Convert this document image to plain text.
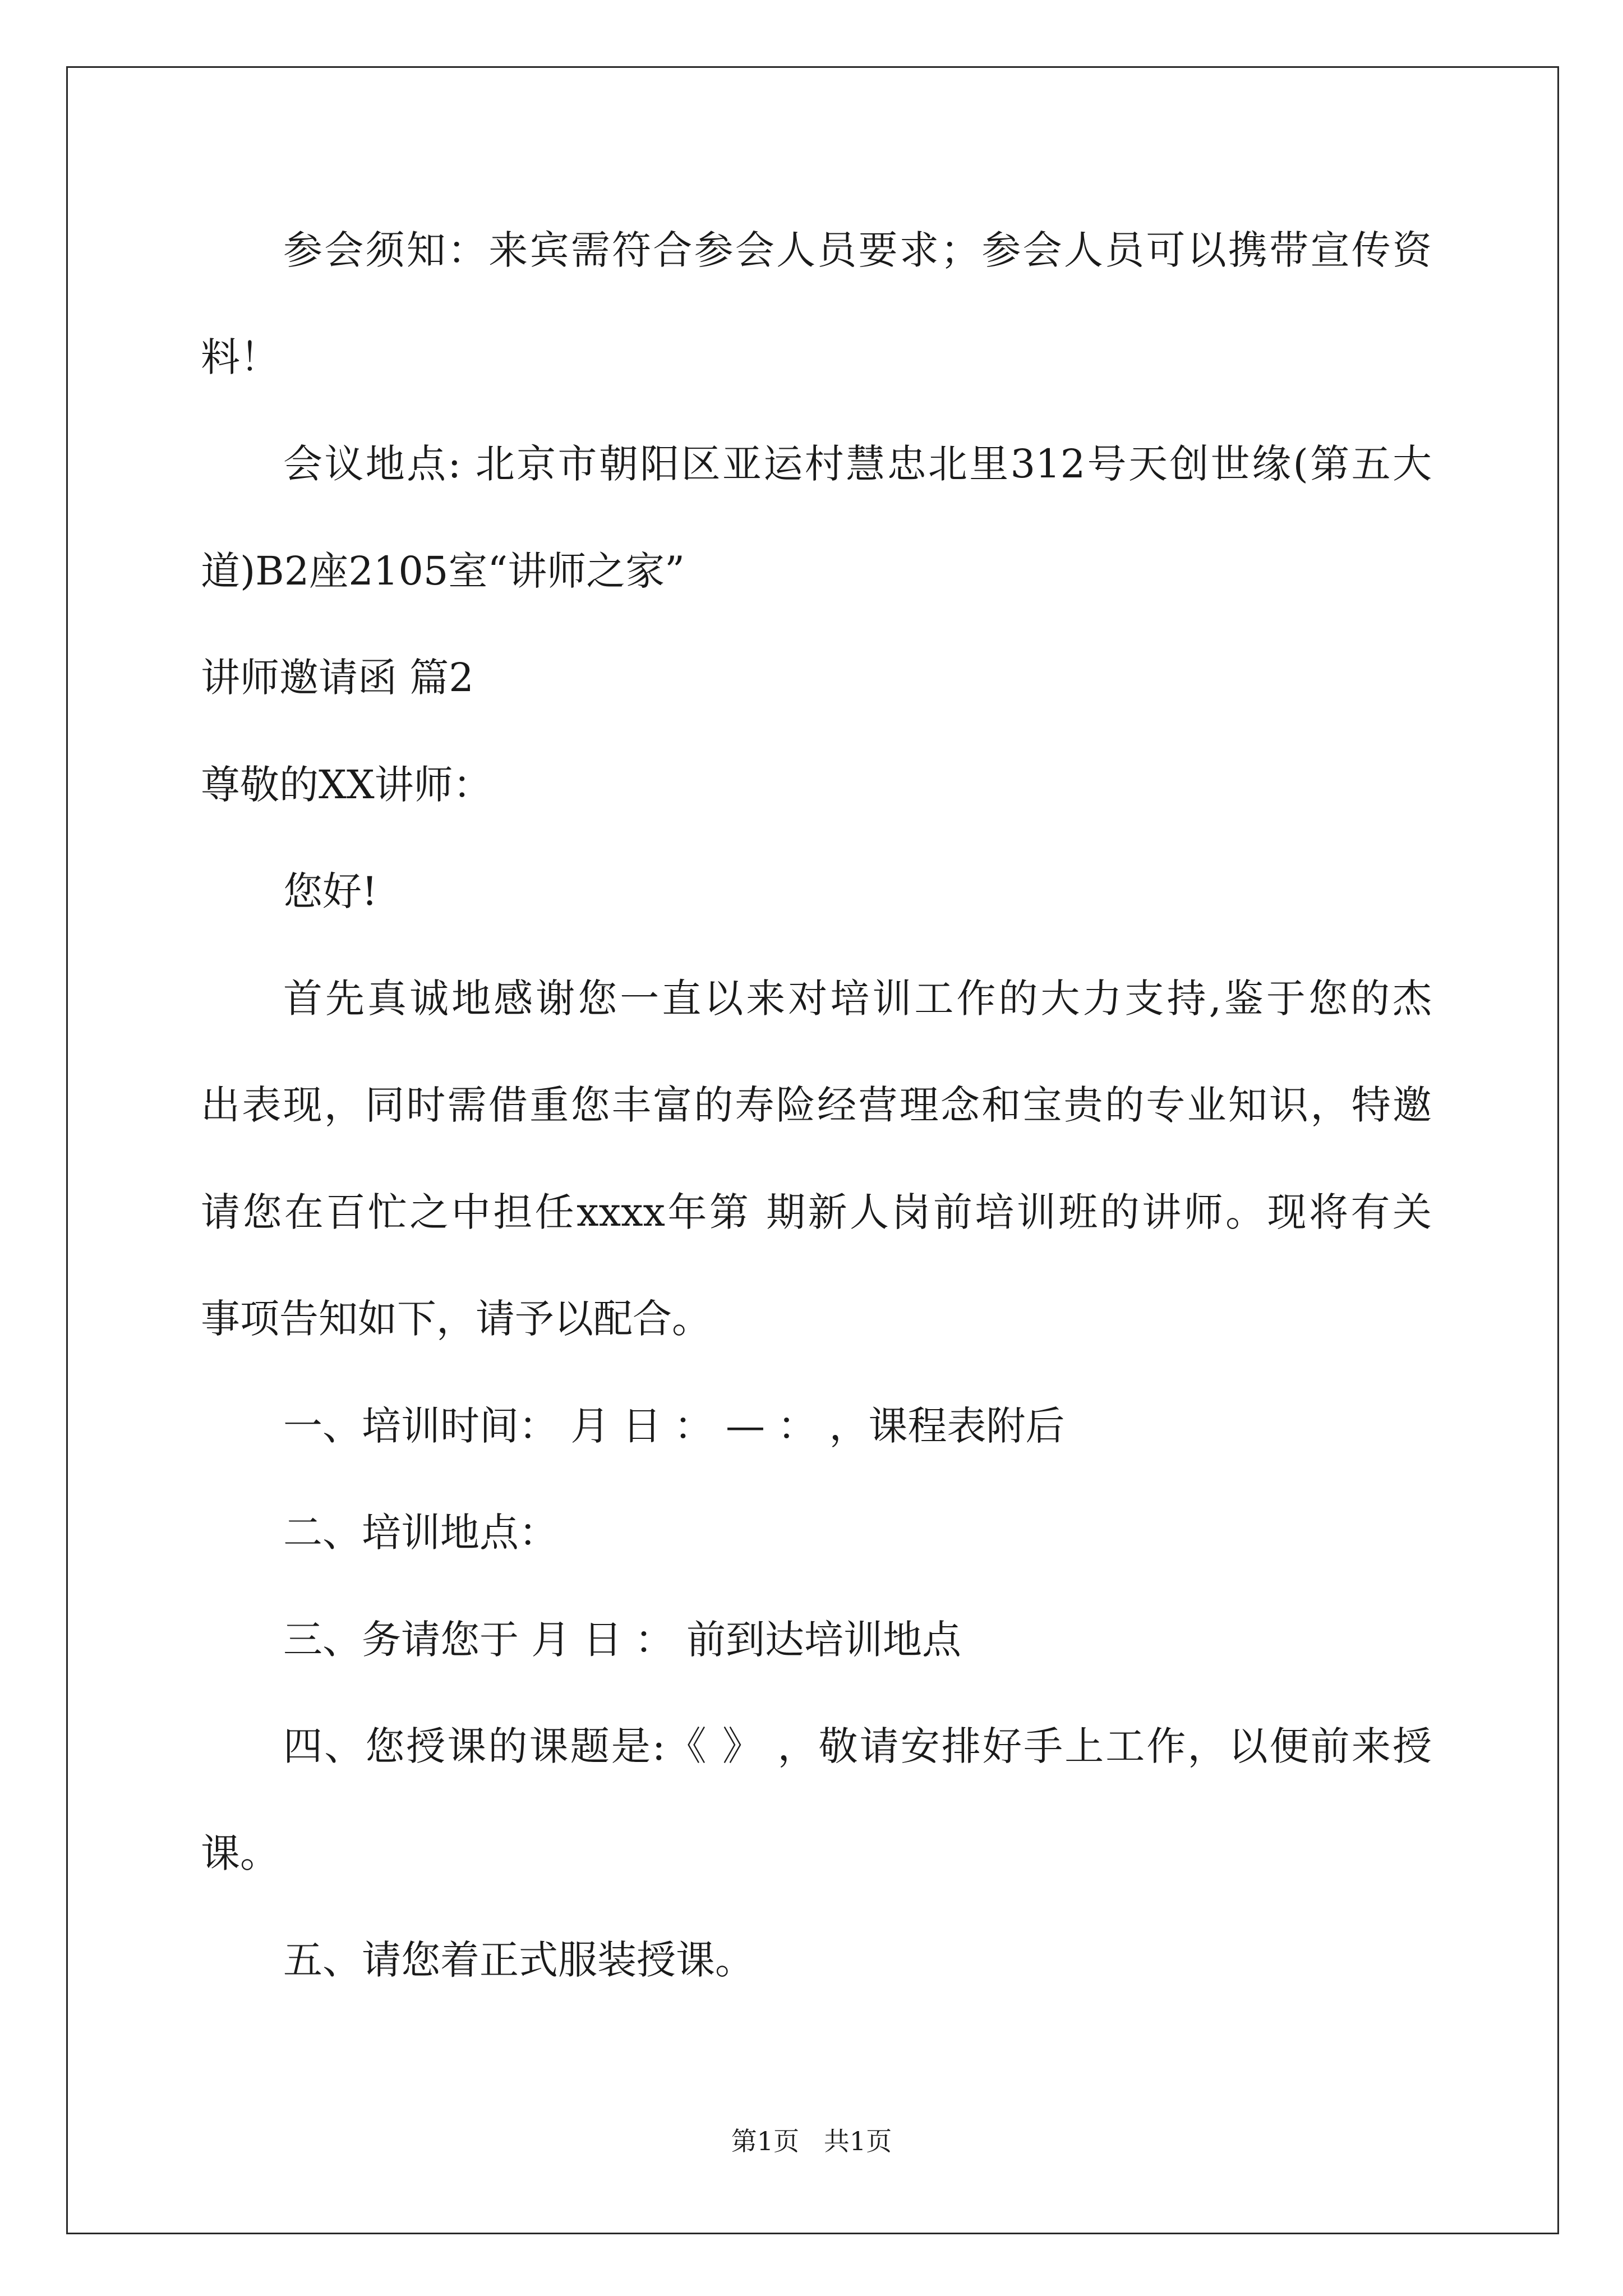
参会须知：来宾需符合参会人员要求；参会人员可以携带宣传资
料！
会议地点: 北京市朝阳区亚运村慧忠北里312号天创世缘(第五大
道)B2座2105室“讲师之家”
讲师邀请函 篇2
尊敬的XX讲师：
您好!
首先真诚地感谢您一直以来对培训工作的大力支持,鉴于您的杰
出表现，同时需借重您丰富的寿险经营理念和宝贵的专业知识，特邀
请您在百忙之中担任xxxx年第 期新人岗前培训班的讲师。现将有关
事项告知如下，请予以配合。
一、培训时间： 月 日 ： — ： ，课程表附后
二、培训地点：
三、务请您于 月 日 ： 前到达培训地点
四、您授课的课题是:《 》 ，敬请安排好手上工作，以便前来授
课。
五、请您着正式服装授课。
第1页   共1页
